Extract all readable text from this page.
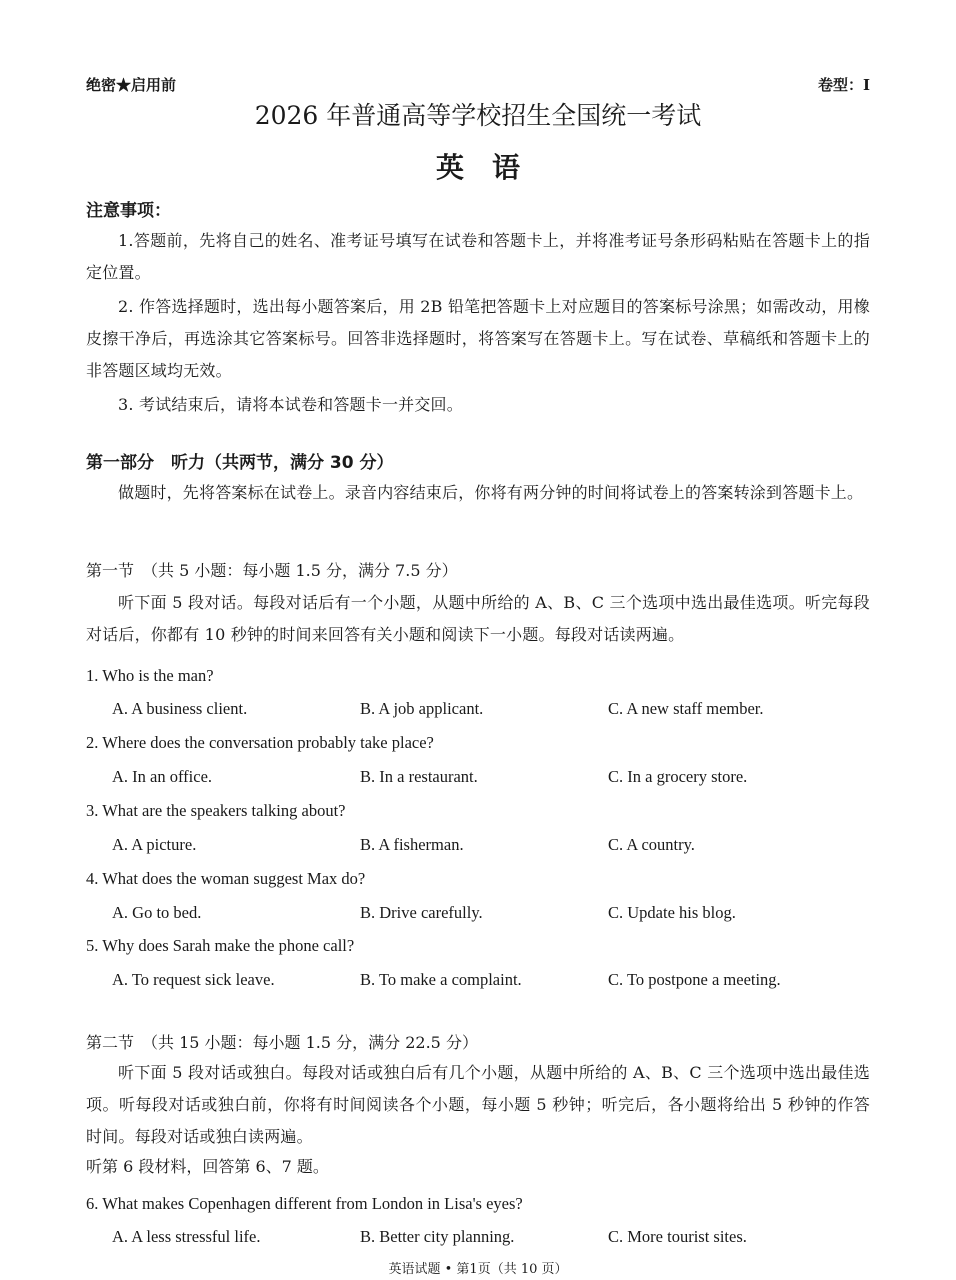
绝密★启用前	卷型：I
2026 年普通高等学校招生全国统一考试
英　语
注意事项：
1.答题前，先将自己的姓名、准考证号填写在试卷和答题卡上，并将准考证号条形码粘贴在答题卡上的指定位置。
2. 作答选择题时，选出每小题答案后，用 2B 铅笔把答题卡上对应题目的答案标号涂黑；如需改动，用橡皮擦干净后，再选涂其它答案标号。回答非选择题时，将答案写在答题卡上。写在试卷、草稿纸和答题卡上的非答题区域均无效。
3. 考试结束后，请将本试卷和答题卡一并交回。
第一部分　听力（共两节，满分 30 分）
做题时，先将答案标在试卷上。录音内容结束后，你将有两分钟的时间将试卷上的答案转涂到答题卡上。
第一节　（共 5 小题：每小题 1.5 分，满分 7.5 分）
听下面 5 段对话。每段对话后有一个小题，从题中所给的 A、B、C 三个选项中选出最佳选项。听完每段对话后，你都有 10 秒钟的时间来回答有关小题和阅读下一小题。每段对话读两遍。
1. Who is the man?
A. A business client.	B. A job applicant.	C. A new staff member.
2. Where does the conversation probably take place?
A. In an office.	B. In a restaurant.	C. In a grocery store.
3. What are the speakers talking about?
A. A picture.	B. A fisherman.	C. A country.
4. What does the woman suggest Max do?
A. Go to bed.	B. Drive carefully.	C. Update his blog.
5. Why does Sarah make the phone call?
A. To request sick leave.	B. To make a complaint.	C. To postpone a meeting.
第二节　（共 15 小题：每小题 1.5 分，满分 22.5 分）
听下面 5 段对话或独白。每段对话或独白后有几个小题，从题中所给的 A、B、C 三个选项中选出最佳选项。听每段对话或独白前，你将有时间阅读各个小题，每小题 5 秒钟；听完后，各小题将给出 5 秒钟的作答时间。每段对话或独白读两遍。
听第 6 段材料，回答第 6、7 题。
6. What makes Copenhagen different from London in Lisa's eyes?
A. A less stressful life.	B. Better city planning.	C. More tourist sites.
英语试题 • 第1页（共 10 页）
